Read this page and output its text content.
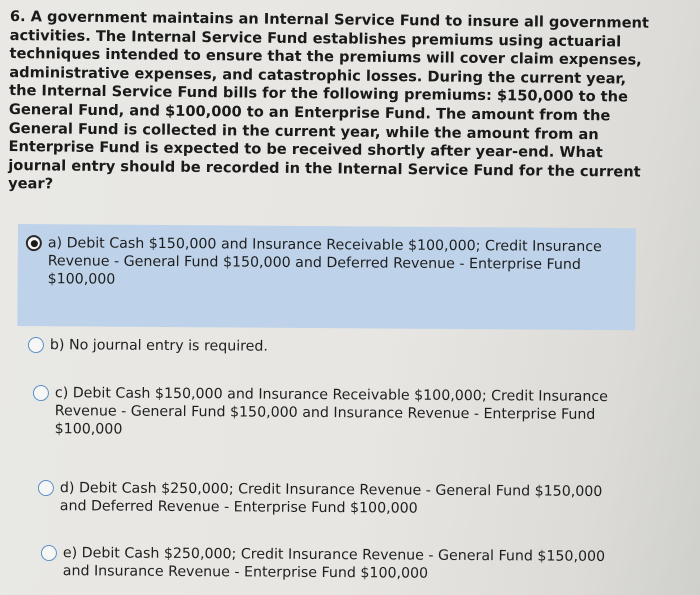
6. A government maintains an Internal Service Fund to insure all government activities. The Internal Service Fund establishes premiums using actuarial techniques intended to ensure that the premiums will cover claim expenses, administrative expenses, and catastrophic losses. During the current year, the Internal Service Fund bills for the following premiums: $150,000 to the General Fund, and $100,000 to an Enterprise Fund. The amount from the General Fund is collected in the current year, while the amount from an Enterprise Fund is expected to be received shortly after year-end. What journal entry should be recorded in the Internal Service Fund for the current year?
a) Debit Cash $150,000 and Insurance Receivable $100,000; Credit Insurance Revenue - General Fund $150,000 and Deferred Revenue - Enterprise Fund $100,000
b) No journal entry is required.
c) Debit Cash $150,000 and Insurance Receivable $100,000; Credit Insurance Revenue - General Fund $150,000 and Insurance Revenue - Enterprise Fund $100,000
d) Debit Cash $250,000; Credit Insurance Revenue - General Fund $150,000 and Deferred Revenue - Enterprise Fund $100,000
e) Debit Cash $250,000; Credit Insurance Revenue - General Fund $150,000 and Insurance Revenue - Enterprise Fund $100,000
